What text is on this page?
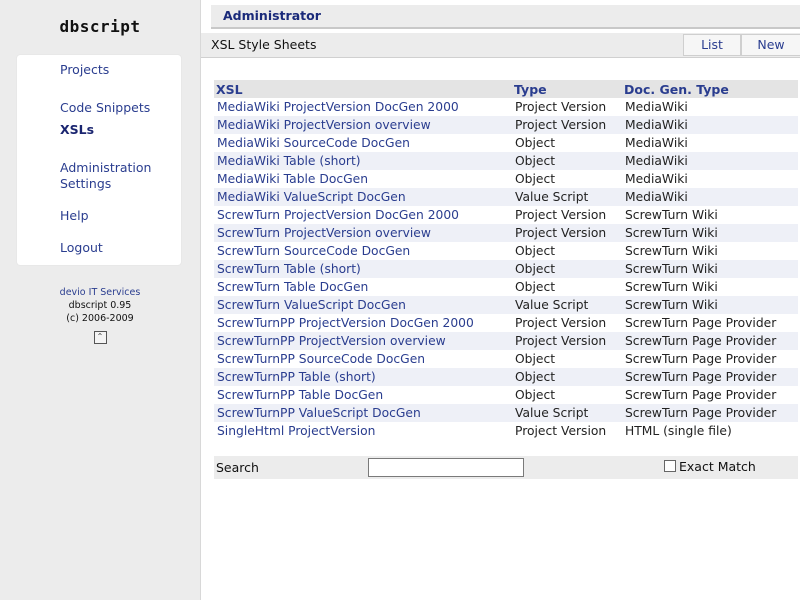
dbscript
Projects
Code Snippets
XSLs
Administration
Settings
Help
Logout
devio IT Services
dbscript 0.95
(c) 2006-2009
⌃
Administrator
XSL Style Sheets	List	New
XSL	Type	Doc. Gen. Type
MediaWiki ProjectVersion DocGen 2000	Project Version	MediaWiki
MediaWiki ProjectVersion overview	Project Version	MediaWiki
MediaWiki SourceCode DocGen	Object	MediaWiki
MediaWiki Table (short)	Object	MediaWiki
MediaWiki Table DocGen	Object	MediaWiki
MediaWiki ValueScript DocGen	Value Script	MediaWiki
ScrewTurn ProjectVersion DocGen 2000	Project Version	ScrewTurn Wiki
ScrewTurn ProjectVersion overview	Project Version	ScrewTurn Wiki
ScrewTurn SourceCode DocGen	Object	ScrewTurn Wiki
ScrewTurn Table (short)	Object	ScrewTurn Wiki
ScrewTurn Table DocGen	Object	ScrewTurn Wiki
ScrewTurn ValueScript DocGen	Value Script	ScrewTurn Wiki
ScrewTurnPP ProjectVersion DocGen 2000	Project Version	ScrewTurn Page Provider
ScrewTurnPP ProjectVersion overview	Project Version	ScrewTurn Page Provider
ScrewTurnPP SourceCode DocGen	Object	ScrewTurn Page Provider
ScrewTurnPP Table (short)	Object	ScrewTurn Page Provider
ScrewTurnPP Table DocGen	Object	ScrewTurn Page Provider
ScrewTurnPP ValueScript DocGen	Value Script	ScrewTurn Page Provider
SingleHtml ProjectVersion	Project Version	HTML (single file)
Search	Exact Match
